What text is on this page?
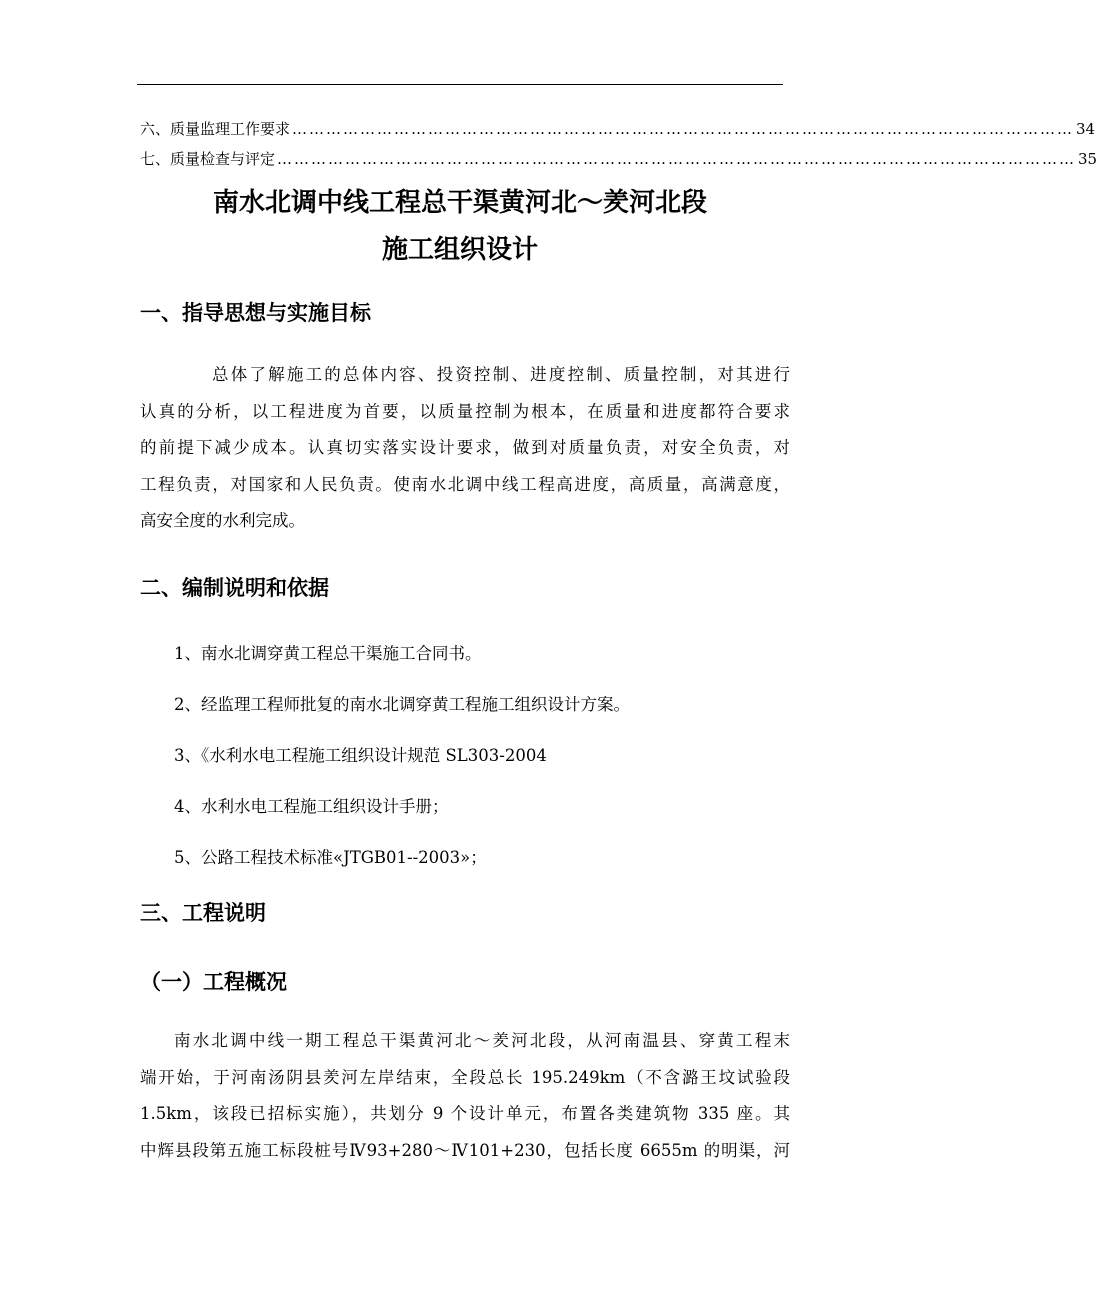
六、质量监理工作要求 ………………………………………………………………………………………………………………………… 34
七、质量检查与评定 …………………………………………………………………………………………………………………………… 35
南水北调中线工程总干渠黄河北～羑河北段
施工组织设计
一、指导思想与实施目标
总体了解施工的总体内容、投资控制、进度控制、质量控制，对其进行
认真的分析，以工程进度为首要，以质量控制为根本，在质量和进度都符合要求
的前提下减少成本。认真切实落实设计要求，做到对质量负责，对安全负责，对
工程负责，对国家和人民负责。使南水北调中线工程高进度，高质量，高满意度，
高安全度的水利完成。
二、编制说明和依据
1、南水北调穿黄工程总干渠施工合同书。
2、经监理工程师批复的南水北调穿黄工程施工组织设计方案。
3、《水利水电工程施工组织设计规范 SL303-2004
4、水利水电工程施工组织设计手册；
5、公路工程技术标准«JTGB01--2003»；
三、工程说明
（一）工程概况
南水北调中线一期工程总干渠黄河北～羑河北段，从河南温县、穿黄工程末
端开始，于河南汤阴县羑河左岸结束，全段总长 195.249km（不含潞王坟试验段
1.5km，该段已招标实施），共划分 9 个设计单元，布置各类建筑物 335 座。其
中辉县段第五施工标段桩号Ⅳ93+280～Ⅳ101+230，包括长度 6655m 的明渠，河
